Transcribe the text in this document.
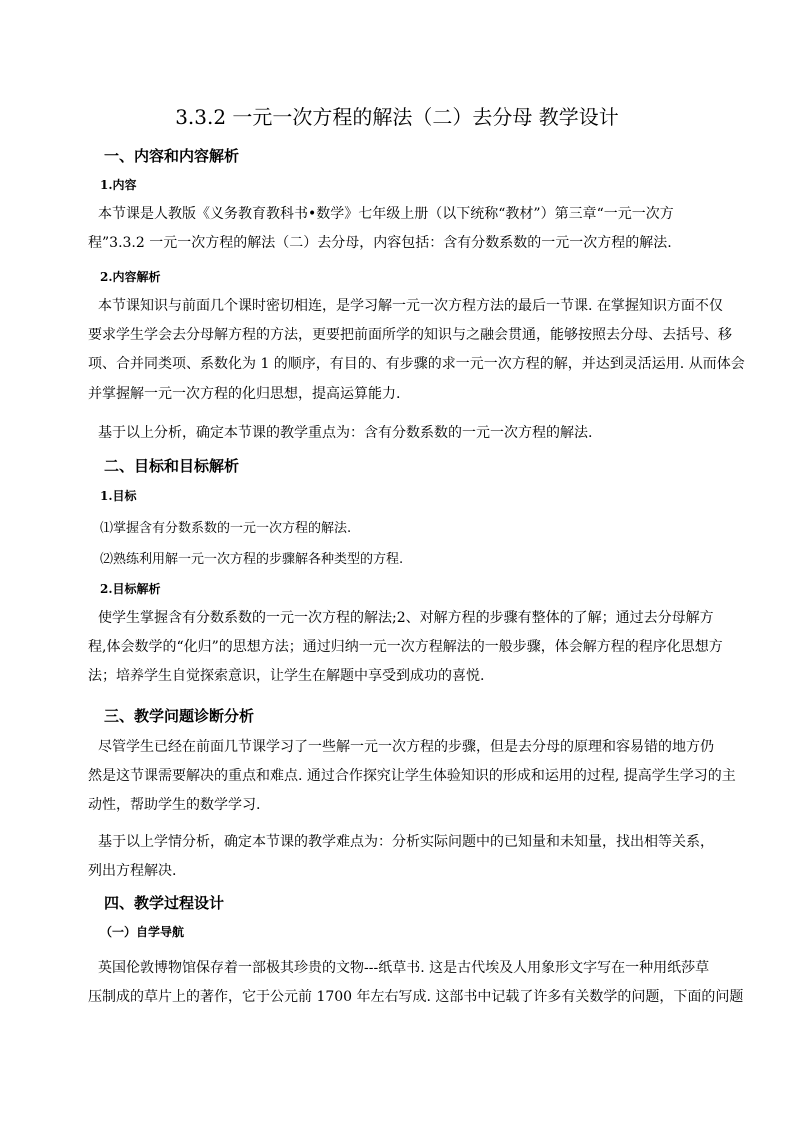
3.3.2 一元一次方程的解法（二）去分母 教学设计
一、内容和内容解析
1.内容
本节课是人教版《义务教育教科书•数学》七年级上册（以下统称“教材”）第三章“一元一次方
程”3.3.2 一元一次方程的解法（二）去分母，内容包括：含有分数系数的一元一次方程的解法.
2.内容解析
本节课知识与前面几个课时密切相连，是学习解一元一次方程方法的最后一节课. 在掌握知识方面不仅
要求学生学会去分母解方程的方法，更要把前面所学的知识与之融会贯通，能够按照去分母、去括号、移
项、合并同类项、系数化为 1 的顺序，有目的、有步骤的求一元一次方程的解，并达到灵活运用. 从而体会
并掌握解一元一次方程的化归思想，提高运算能力.
基于以上分析，确定本节课的教学重点为：含有分数系数的一元一次方程的解法.
二、目标和目标解析
1.目标
⑴掌握含有分数系数的一元一次方程的解法.
⑵熟练利用解一元一次方程的步骤解各种类型的方程.
2.目标解析
使学生掌握含有分数系数的一元一次方程的解法;2、对解方程的步骤有整体的了解；通过去分母解方
程,体会数学的“化归”的思想方法；通过归纳一元一次方程解法的一般步骤，体会解方程的程序化思想方
法；培养学生自觉探索意识，让学生在解题中享受到成功的喜悦.
三、教学问题诊断分析
尽管学生已经在前面几节课学习了一些解一元一次方程的步骤，但是去分母的原理和容易错的地方仍
然是这节课需要解决的重点和难点. 通过合作探究让学生体验知识的形成和运用的过程, 提高学生学习的主
动性，帮助学生的数学学习.
基于以上学情分析，确定本节课的教学难点为：分析实际问题中的已知量和未知量，找出相等关系，
列出方程解决.
四、教学过程设计
（一）自学导航
英国伦敦博物馆保存着一部极其珍贵的文物---纸草书. 这是古代埃及人用象形文字写在一种用纸莎草
压制成的草片上的著作，它于公元前 1700 年左右写成. 这部书中记载了许多有关数学的问题，下面的问题
